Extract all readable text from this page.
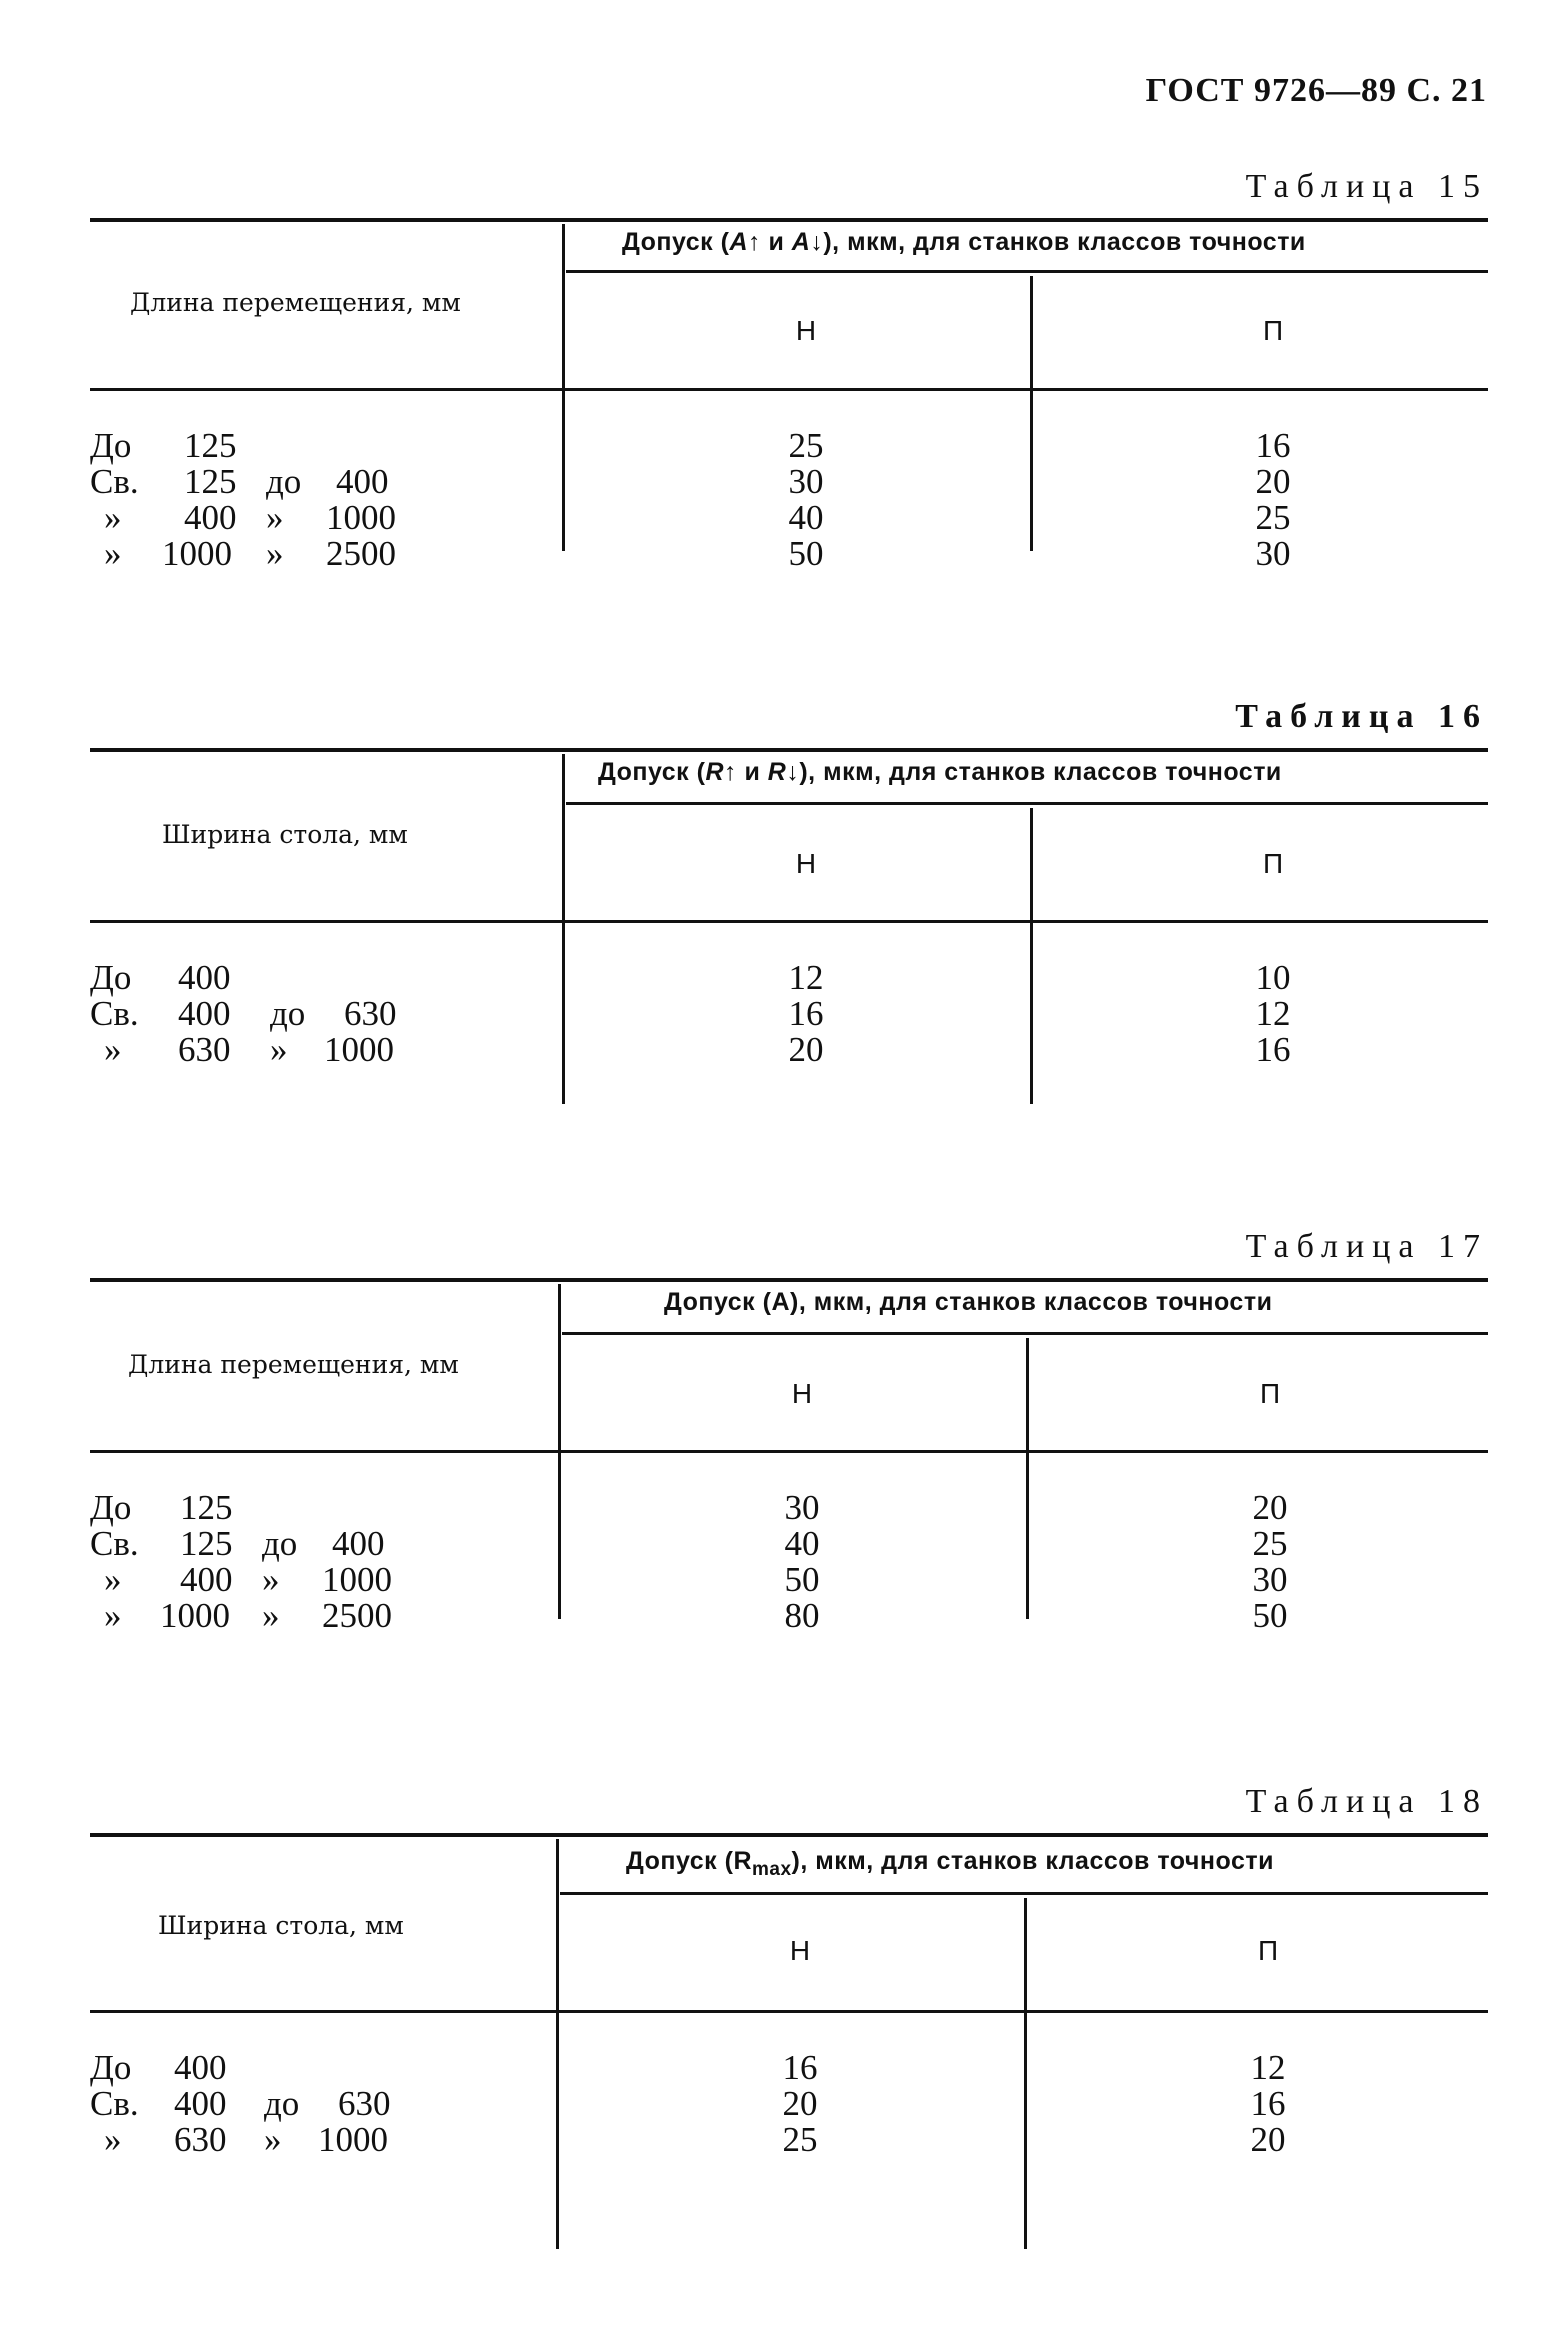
ГОСТ 9726—89 С. 21
Таблица 15
Допуск (A↑ и A↓), мкм, для станков классов точности
Длина перемещения, мм
Н	П
До 125	25	16
Св. 125 до 400	30	20
» 400 » 1000	40	25
» 1000 » 2500	50	30
Таблица 16
Допуск (R↑ и R↓), мкм, для станков классов точности
Ширина стола, мм
Н	П
До 400	12	10
Св. 400 до 630	16	12
» 630 » 1000	20	16
Таблица 17
Допуск (A), мкм, для станков классов точности
Длина перемещения, мм
Н	П
До 125	30	20
Св. 125 до 400	40	25
» 400 » 1000	50	30
» 1000 » 2500	80	50
Таблица 18
Допуск $(R_{max})$, мкм, для станков классов точности
Ширина стола, мм
Н	П
До 400	16	12
Св. 400 до 630	20	16
» 630 » 1000	25	20
